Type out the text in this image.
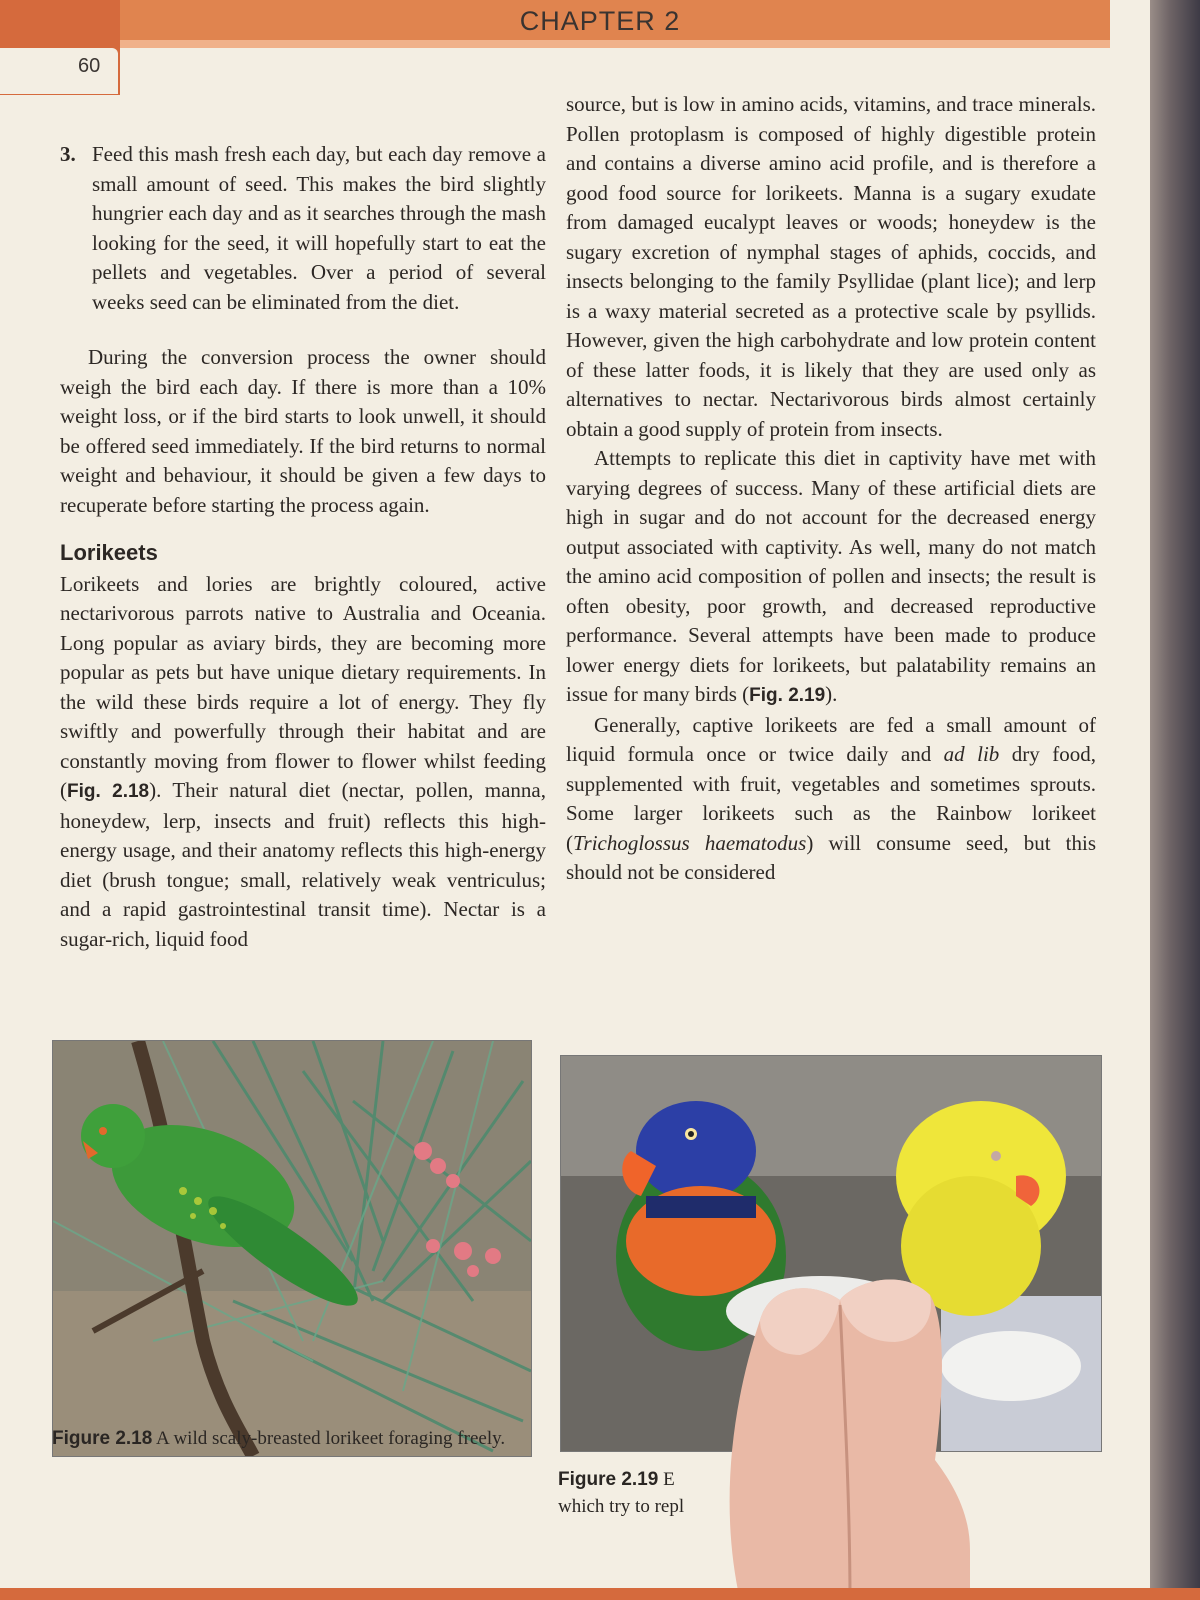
CHAPTER 2
60

3. Feed this mash fresh each day, but each day remove a small amount of seed. This makes the bird slightly hungrier each day and as it searches through the mash looking for the seed, it will hopefully start to eat the pellets and vegetables. Over a period of several weeks seed can be eliminated from the diet.

During the conversion process the owner should weigh the bird each day. If there is more than a 10% weight loss, or if the bird starts to look unwell, it should be offered seed immediately. If the bird returns to normal weight and behaviour, it should be given a few days to recuperate before starting the process again.

Lorikeets

Lorikeets and lories are brightly coloured, active nectarivorous parrots native to Australia and Oceania. Long popular as aviary birds, they are becoming more popular as pets but have unique dietary requirements. In the wild these birds require a lot of energy. They fly swiftly and powerfully through their habitat and are constantly moving from flower to flower whilst feeding (Fig. 2.18). Their natural diet (nectar, pollen, manna, honeydew, lerp, insects and fruit) reflects this high-energy usage, and their anatomy reflects this high-energy diet (brush tongue; small, relatively weak ventriculus; and a rapid gastrointestinal transit time). Nectar is a sugar-rich, liquid food

source, but is low in amino acids, vitamins, and trace minerals. Pollen protoplasm is composed of highly digestible protein and contains a diverse amino acid profile, and is therefore a good food source for lorikeets. Manna is a sugary exudate from damaged eucalypt leaves or woods; honeydew is the sugary excretion of nymphal stages of aphids, coccids, and insects belonging to the family Psyllidae (plant lice); and lerp is a waxy material secreted as a protective scale by psyllids. However, given the high carbohydrate and low protein content of these latter foods, it is likely that they are used only as alternatives to nectar. Nectarivorous birds almost certainly obtain a good supply of protein from insects.

Attempts to replicate this diet in captivity have met with varying degrees of success. Many of these artificial diets are high in sugar and do not account for the decreased energy output associated with captivity. As well, many do not match the amino acid composition of pollen and insects; the result is often obesity, poor growth, and decreased reproductive performance. Several attempts have been made to produce lower energy diets for lorikeets, but palatability remains an issue for many birds (Fig. 2.19).

Generally, captive lorikeets are fed a small amount of liquid formula once or twice daily and ad lib dry food, supplemented with fruit, vegetables and sometimes sprouts. Some larger lorikeets such as the Rainbow lorikeet (Trichoglossus haematodus) will consume seed, but this should not be considered

Figure 2.18 A wild scaly-breasted lorikeet foraging freely.
Figure 2.19 E
which try to repl
